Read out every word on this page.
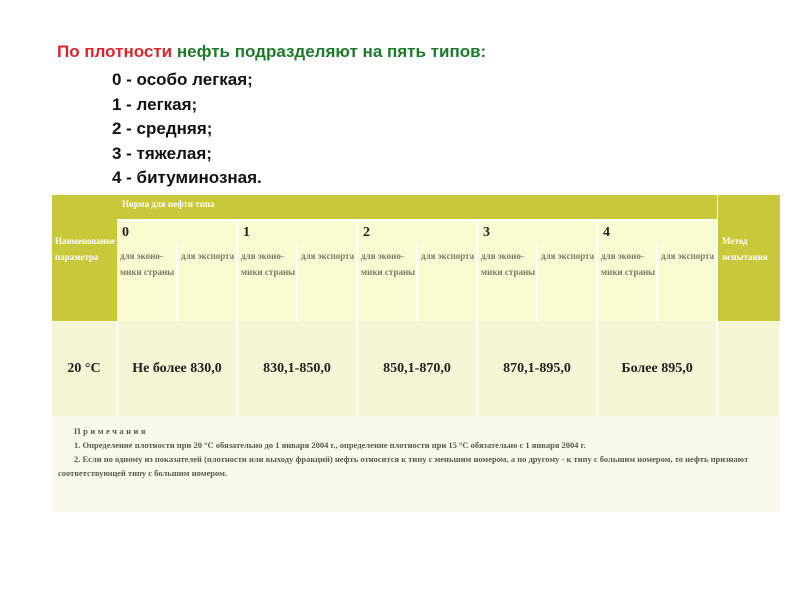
По плотности нефть подразделяют на пять типов:
0 - особо легкая;
1 - легкая;
2 - средняя;
3 - тяжелая;
4 - битуминозная.
Наименование параметра	Норма для нефти типа										Метод испытания
	0		1		2		3		4		
	для эконо-мики страны	для экспорта	для эконо-мики страны	для экспорта	для эконо-мики страны	для экспорта	для эконо-мики страны	для экспорта	для эконо-мики страны	для экспорта	
20 °С	Не более 830,0		830,1-850,0		850,1-870,0		870,1-895,0		Более 895,0		

Примечания

1. Определение плотности при 20 °С обязательно до 1 января 2004 г., определение плотности при 15 °С обязательно с 1 января 2004 г.

2. Если по одному из показателей (плотности или выходу фракций) нефть относится к типу с меньшим номером, а по другому - к типу с большим номером, то нефть признают соответствующей типу с большим номером.											
